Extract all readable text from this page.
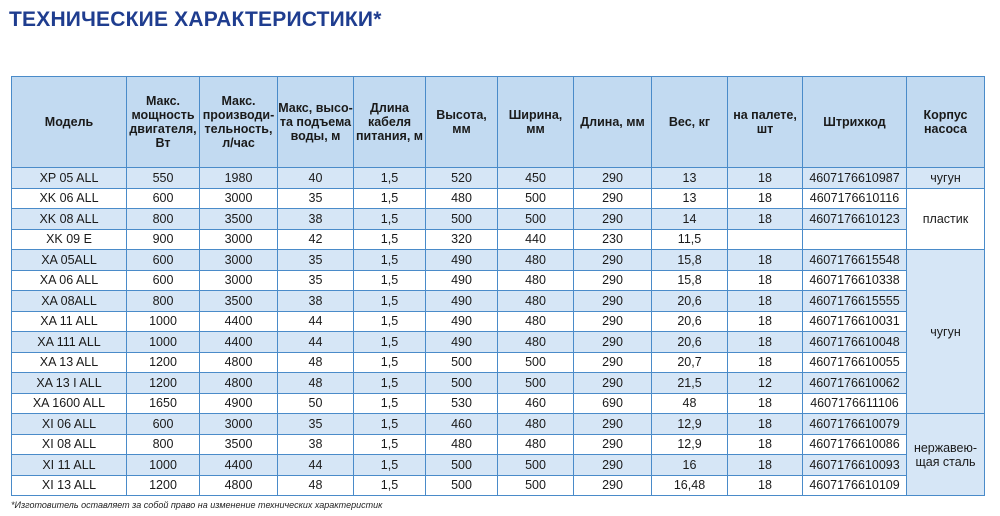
ТЕХНИЧЕСКИЕ ХАРАКТЕРИСТИКИ*
Модель	Макс. мощность двигателя, Вт	Макс. производи-тельность, л/час	Макс, высо-та подъема воды, м	Длина кабеля питания, м	Высота, мм	Ширина, мм	Длина, мм	Вес, кг	на палете, шт	Штрихкод	Корпус насоса
XP 05 ALL	550	1980	40	1,5	520	450	290	13	18	4607176610987	чугун
XK 06 ALL	600	3000	35	1,5	480	500	290	13	18	4607176610116	пластик
XK 08 ALL	800	3500	38	1,5	500	500	290	14	18	4607176610123	
XK 09 E	900	3000	42	1,5	320	440	230	11,5			
XA 05ALL	600	3000	35	1,5	490	480	290	15,8	18	4607176615548	чугун
XA 06 ALL	600	3000	35	1,5	490	480	290	15,8	18	4607176610338	
XA 08ALL	800	3500	38	1,5	490	480	290	20,6	18	4607176615555	
XA 11 ALL	1000	4400	44	1,5	490	480	290	20,6	18	4607176610031	
XA 111 ALL	1000	4400	44	1,5	490	480	290	20,6	18	4607176610048	
XA 13 ALL	1200	4800	48	1,5	500	500	290	20,7	18	4607176610055	
XA 13 I ALL	1200	4800	48	1,5	500	500	290	21,5	12	4607176610062	
XA 1600 ALL	1650	4900	50	1,5	530	460	690	48	18	4607176611106	
XI 06 ALL	600	3000	35	1,5	460	480	290	12,9	18	4607176610079	нержавею-щая сталь
XI 08 ALL	800	3500	38	1,5	480	480	290	12,9	18	4607176610086	
XI 11 ALL	1000	4400	44	1,5	500	500	290	16	18	4607176610093	
XI 13 ALL	1200	4800	48	1,5	500	500	290	16,48	18	4607176610109	
*Изготовитель оставляет за собой право на изменение технических характеристик
